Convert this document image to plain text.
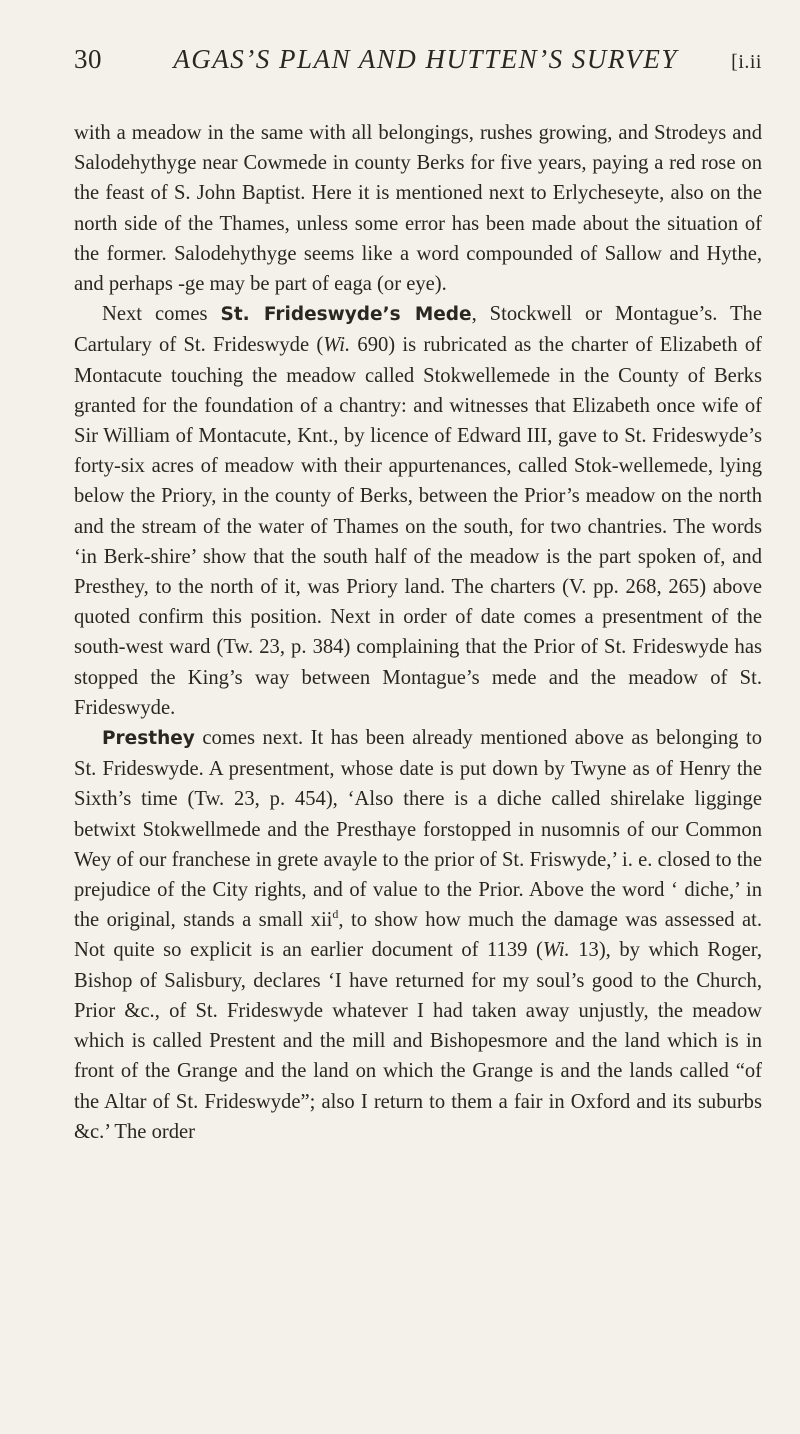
30	AGAS’S PLAN AND HUTTEN’S SURVEY	[i.ii

with a meadow in the same with all belongings, rushes growing, and Strodeys and Salodehythyge near Cowmede in county Berks for five years, paying a red rose on the feast of S. John Baptist. Here it is mentioned next to Erlycheseyte, also on the north side of the Thames, unless some error has been made about the situation of the former. Salodehythyge seems like a word compounded of Sallow and Hythe, and perhaps -ge may be part of eaga (or eye).

Next comes St. Frideswyde’s Mede, Stockwell or Montague’s. The Cartulary of St. Frideswyde (Wi. 690) is rubricated as the charter of Elizabeth of Montacute touching the meadow called Stokwellemede in the County of Berks granted for the foundation of a chantry: and witnesses that Elizabeth once wife of Sir William of Montacute, Knt., by licence of Edward III, gave to St. Frideswyde’s forty-six acres of meadow with their appurtenances, called Stok-wellemede, lying below the Priory, in the county of Berks, between the Prior’s meadow on the north and the stream of the water of Thames on the south, for two chantries. The words ‘in Berk-shire’ show that the south half of the meadow is the part spoken of, and Presthey, to the north of it, was Priory land. The charters (V. pp. 268, 265) above quoted confirm this position. Next in order of date comes a presentment of the south-west ward (Tw. 23, p. 384) complaining that the Prior of St. Frideswyde has stopped the King’s way between Montague’s mede and the meadow of St. Frideswyde.

Presthey comes next. It has been already mentioned above as belonging to St. Frideswyde. A presentment, whose date is put down by Twyne as of Henry the Sixth’s time (Tw. 23, p. 454), ‘Also there is a diche called shirelake ligginge betwixt Stokwellmede and the Presthaye forstopped in nusomnis of our Common Wey of our franchese in grete avayle to the prior of St. Friswyde,’ i. e. closed to the prejudice of the City rights, and of value to the Prior. Above the word ‘ diche,’ in the original, stands a small xii$^d$, to show how much the damage was assessed at. Not quite so explicit is an earlier document of 1139 (Wi. 13), by which Roger, Bishop of Salisbury, declares ‘I have returned for my soul’s good to the Church, Prior &c., of St. Frideswyde whatever I had taken away unjustly, the meadow which is called Prestent and the mill and Bishopesmore and the land which is in front of the Grange and the land on which the Grange is and the lands called “of the Altar of St. Frideswyde”; also I return to them a fair in Oxford and its suburbs &c.’ The order
